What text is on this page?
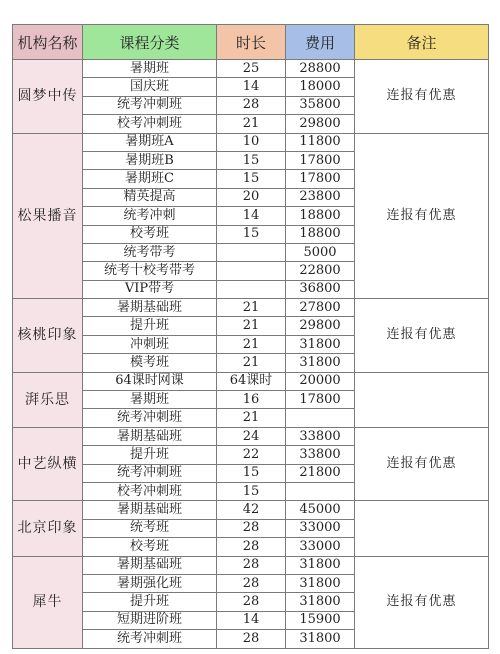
机构名称	课程分类	时长	费用	备注
圆梦中传	暑期班	25	28800	连报有优惠
	国庆班	14	18000	
	统考冲刺班	28	35800	
	校考冲刺班	21	29800	
松果播音	暑期班A	10	11800	连报有优惠
	暑期班B	15	17800	
	暑期班C	15	17800	
	精英提高	20	23800	
	统考冲刺	14	18800	
	校考班	15	18800	
	统考带考		5000	
	统考十校考带考		22800	
	VIP带考		36800	
核桃印象	暑期基础班	21	27800	连报有优惠
	提升班	21	29800	
	冲刺班	21	31800	
	模考班	21	31800	
湃乐思	64课时网课	64课时	20000	
	暑期班	16	17800	
	统考冲刺班	21		
中艺纵横	暑期基础班	24	33800	连报有优惠
	提升班	22	33800	
	统考冲刺班	15	21800	
	校考冲刺班	15		
北京印象	暑期基础班	42	45000	
	统考班	28	33000	
	校考班	28	33000	
犀牛	暑期基础班	28	31800	连报有优惠
	暑期强化班	28	31800	
	提升班	28	31800	
	短期进阶班	14	15900	
	统考冲刺班	28	31800	
